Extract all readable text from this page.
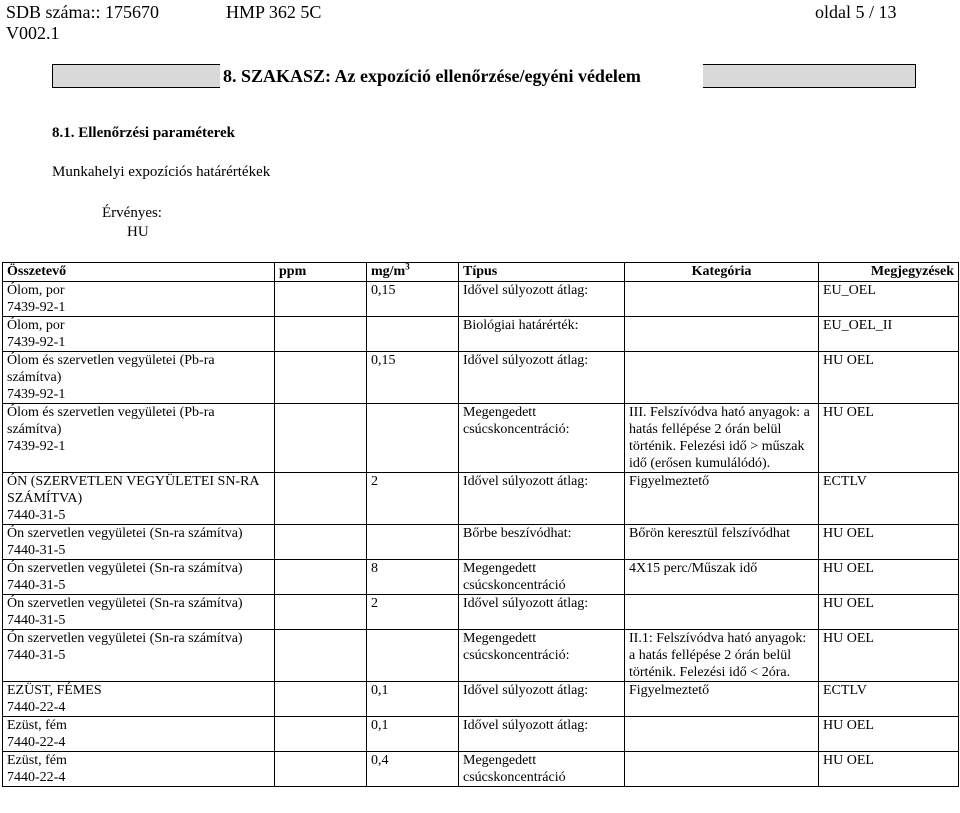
SDB száma:: 175670	HMP 362 5C	oldal 5 / 13
V002.1
8. SZAKASZ: Az expozíció ellenőrzése/egyéni védelem
8.1. Ellenőrzési paraméterek
Munkahelyi expozíciós határértékek
Érvényes:
HU
Összetevő	ppm	$mg/m^3$	Típus	Kategória	Megjegyzések

Ólom, por
7439-92-1		0,15	Idővel súlyozott átlag:		EU_OEL

Ólom, por
7439-92-1			Biológiai határérték:		EU_OEL_II

Ólom és szervetlen vegyületei (Pb-ra számítva)
7439-92-1		0,15	Idővel súlyozott átlag:		HU OEL

Ólom és szervetlen vegyületei (Pb-ra számítva)
7439-92-1			Megengedett csúcskoncentráció:	III. Felszívódva ható anyagok: a hatás fellépése 2 órán belül történik. Felezési idő > műszak idő (erősen kumulálódó).	HU OEL

ÓN (SZERVETLEN VEGYÜLETEI SN-RA SZÁMÍTVA)
7440-31-5		2	Idővel súlyozott átlag:	Figyelmeztető	ECTLV

Ón szervetlen vegyületei (Sn-ra számítva)
7440-31-5			Bőrbe beszívódhat:	Bőrön keresztül felszívódhat	HU OEL

Ón szervetlen vegyületei (Sn-ra számítva)
7440-31-5		8	Megengedett csúcskoncentráció	4X15 perc/Műszak idő	HU OEL

Ón szervetlen vegyületei (Sn-ra számítva)
7440-31-5		2	Idővel súlyozott átlag:		HU OEL

Ón szervetlen vegyületei (Sn-ra számítva)
7440-31-5			Megengedett csúcskoncentráció:	II.1: Felszívódva ható anyagok: a hatás fellépése 2 órán belül történik. Felezési idő < 2óra.	HU OEL

EZÜST, FÉMES
7440-22-4		0,1	Idővel súlyozott átlag:	Figyelmeztető	ECTLV

Ezüst, fém
7440-22-4		0,1	Idővel súlyozott átlag:		HU OEL

Ezüst, fém
7440-22-4		0,4	Megengedett csúcskoncentráció		HU OEL
